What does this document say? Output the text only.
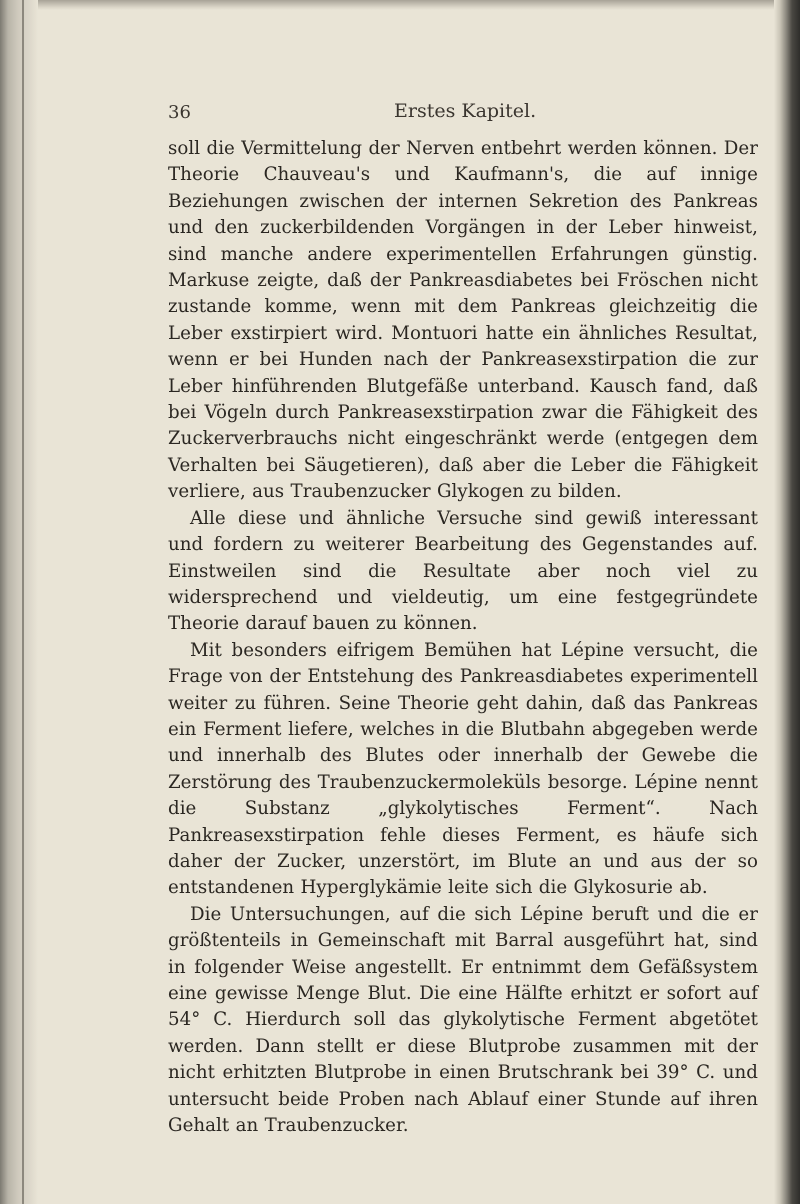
36	Erstes Kapitel.

soll die Vermittelung der Nerven entbehrt werden können. Der Theorie Chauveau's und Kaufmann's, die auf innige Beziehungen zwischen der internen Sekretion des Pankreas und den zuckerbildenden Vorgängen in der Leber hinweist, sind manche andere experimentellen Erfahrungen günstig. Markuse zeigte, daß der Pankreasdiabetes bei Fröschen nicht zustande komme, wenn mit dem Pankreas gleichzeitig die Leber exstirpiert wird. Montuori hatte ein ähnliches Resultat, wenn er bei Hunden nach der Pankreasexstirpation die zur Leber hinführenden Blutgefäße unterband. Kausch fand, daß bei Vögeln durch Pankreasexstirpation zwar die Fähigkeit des Zuckerverbrauchs nicht eingeschränkt werde (entgegen dem Verhalten bei Säugetieren), daß aber die Leber die Fähigkeit verliere, aus Traubenzucker Glykogen zu bilden.

Alle diese und ähnliche Versuche sind gewiß interessant und fordern zu weiterer Bearbeitung des Gegenstandes auf. Einstweilen sind die Resultate aber noch viel zu widersprechend und vieldeutig, um eine festgegründete Theorie darauf bauen zu können.

Mit besonders eifrigem Bemühen hat Lépine versucht, die Frage von der Entstehung des Pankreasdiabetes experimentell weiter zu führen. Seine Theorie geht dahin, daß das Pankreas ein Ferment liefere, welches in die Blutbahn abgegeben werde und innerhalb des Blutes oder innerhalb der Gewebe die Zerstörung des Traubenzuckermoleküls besorge. Lépine nennt die Substanz „glykolytisches Ferment“. Nach Pankreasexstirpation fehle dieses Ferment, es häufe sich daher der Zucker, unzerstört, im Blute an und aus der so entstandenen Hyperglykämie leite sich die Glykosurie ab.

Die Untersuchungen, auf die sich Lépine beruft und die er größtenteils in Gemeinschaft mit Barral ausgeführt hat, sind in folgender Weise angestellt. Er entnimmt dem Gefäßsystem eine gewisse Menge Blut. Die eine Hälfte erhitzt er sofort auf 54° C. Hierdurch soll das glykolytische Ferment abgetötet werden. Dann stellt er diese Blutprobe zusammen mit der nicht erhitzten Blutprobe in einen Brutschrank bei 39° C. und untersucht beide Proben nach Ablauf einer Stunde auf ihren Gehalt an Traubenzucker.
